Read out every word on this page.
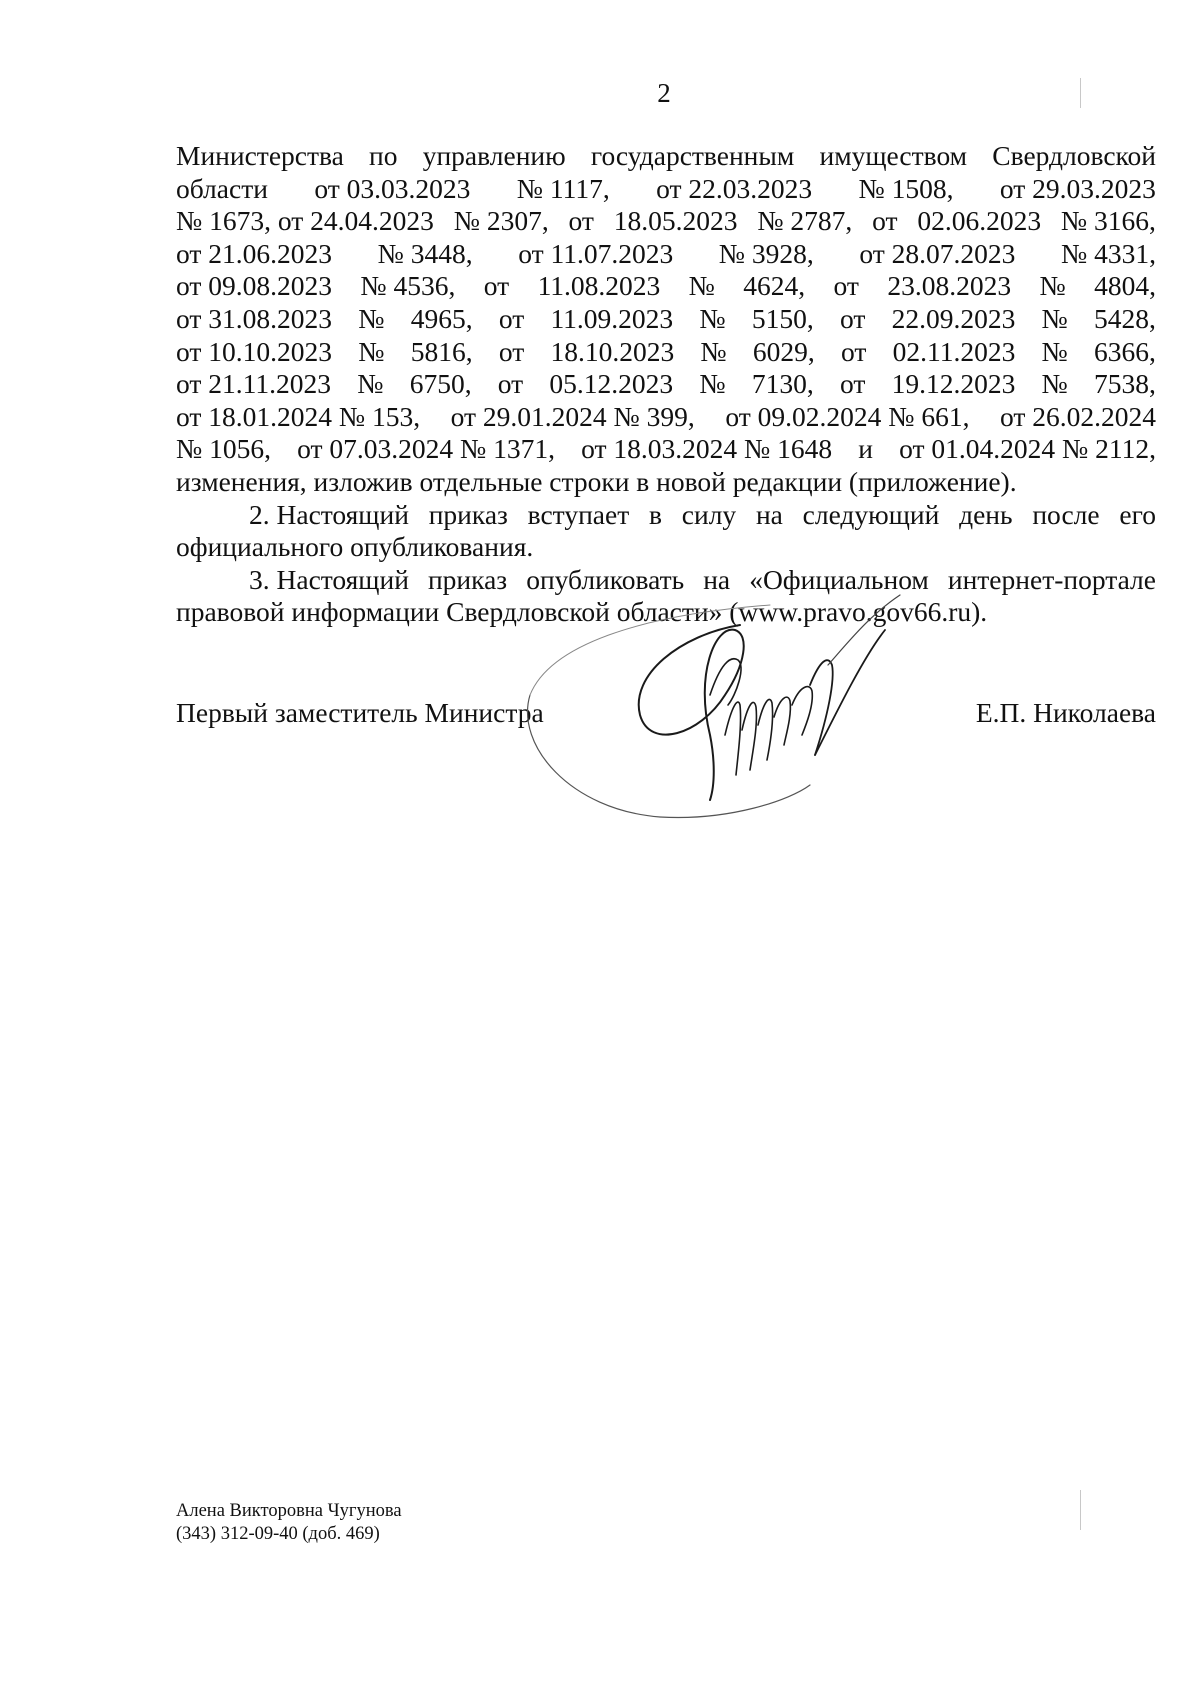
2
Министерства по управлению государственным имуществом Свердловской
области от 03.03.2023 № 1117, от 22.03.2023 № 1508, от 29.03.2023
№ 1673, от 24.04.2023 № 2307, от 18.05.2023 № 2787, от 02.06.2023 № 3166,
от 21.06.2023 № 3448, от 11.07.2023 № 3928, от 28.07.2023 № 4331,
от 09.08.2023 № 4536, от 11.08.2023 № 4624, от 23.08.2023 № 4804,
от 31.08.2023 № 4965, от 11.09.2023 № 5150, от 22.09.2023 № 5428,
от 10.10.2023 № 5816, от 18.10.2023 № 6029, от 02.11.2023 № 6366,
от 21.11.2023 № 6750, от 05.12.2023 № 7130, от 19.12.2023 № 7538,
от 18.01.2024 № 153, от 29.01.2024 № 399, от 09.02.2024 № 661, от 26.02.2024
№ 1056, от 07.03.2024 № 1371, от 18.03.2024 № 1648 и от 01.04.2024 № 2112,
изменения, изложив отдельные строки в новой редакции (приложение).
2. Настоящий приказ вступает в силу на следующий день после его
официального опубликования.
3. Настоящий приказ опубликовать на «Официальном интернет-портале
правовой информации Свердловской области» (www.pravo.gov66.ru).
Первый заместитель Министра	Е.П. Николаева
Алена Викторовна Чугунова
(343) 312-09-40 (доб. 469)
